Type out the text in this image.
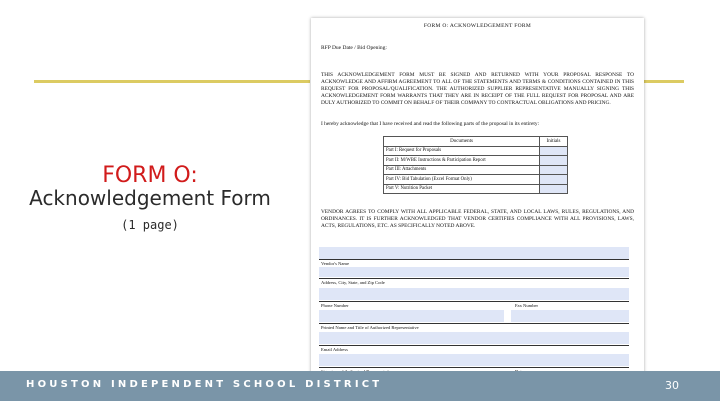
FORM O:
Acknowledgement Form
(1 page)
FORM O: ACKNOWLEDGEMENT FORM
RFP Due Date / Bid Opening:
THIS ACKNOWLEDGEMENT FORM MUST BE SIGNED AND RETURNED WITH YOUR PROPOSAL RESPONSE TO ACKNOWLEDGE AND AFFIRM AGREEMENT TO ALL OF THE STATEMENTS AND TERMS & CONDITIONS CONTAINED IN THIS REQUEST FOR PROPOSAL/QUALIFICATION. THE AUTHORIZED SUPPLIER REPRESENTATIVE MANUALLY SIGNING THIS ACKNOWLEDGEMENT FORM WARRANTS THAT THEY ARE IN RECEIPT OF THE FULL REQUEST FOR PROPOSAL AND ARE DULY AUTHORIZED TO COMMIT ON BEHALF OF THEIR COMPANY TO CONTRACTUAL OBLIGATIONS AND PRICING.
I hereby acknowledge that I have received and read the following parts of the proposal in its entirety:
Documents	Initials
Part I: Request for Proposals	
Part II: M/WBE Instructions & Participation Report	
Part III: Attachments	
Part IV: Bid Tabulation (Excel Format Only)	
Part V: Nutrition Packet	
VENDOR AGREES TO COMPLY WITH ALL APPLICABLE FEDERAL, STATE, AND LOCAL LAWS, RULES, REGULATIONS, AND ORDINANCES. IT IS FURTHER ACKNOWLEDGED THAT VENDOR CERTIFIES COMPLIANCE WITH ALL PROVISIONS, LAWS, ACTS, REGULATIONS, ETC. AS SPECIFICALLY NOTED ABOVE.
Vendor's Name
Address, City, State, and Zip Code
Phone Number	Fax Number
Printed Name and Title of Authorized Representative
Email Address
HOUSTON INDEPENDENT SCHOOL DISTRICT	30
